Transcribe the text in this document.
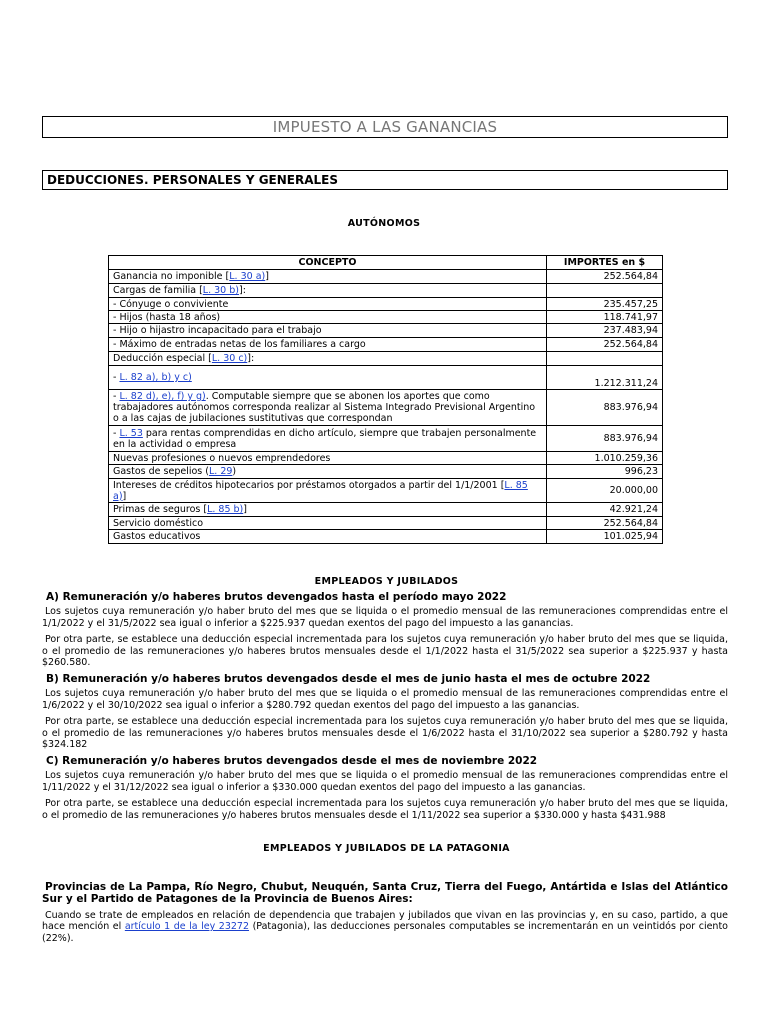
IMPUESTO A LAS GANANCIAS
DEDUCCIONES. PERSONALES Y GENERALES
AUTÓNOMOS
CONCEPTO	IMPORTES en $
Ganancia no imponible [L. 30 a)]	252.564,84
Cargas de familia [L. 30 b)]:	
- Cónyuge o conviviente	235.457,25
- Hijos (hasta 18 años)	118.741,97
- Hijo o hijastro incapacitado para el trabajo	237.483,94
- Máximo de entradas netas de los familiares a cargo	252.564,84
Deducción especial [L. 30 c)]:	
- L. 82 a), b) y c)	1.212.311,24
- L. 82 d), e), f) y g). Computable siempre que se abonen los aportes que como trabajadores autónomos corresponda realizar al Sistema Integrado Previsional Argentino o a las cajas de jubilaciones sustitutivas que correspondan	883.976,94
- L. 53 para rentas comprendidas en dicho artículo, siempre que trabajen personalmente en la actividad o empresa	883.976,94
Nuevas profesiones o nuevos emprendedores	1.010.259,36
Gastos de sepelios (L. 29)	996,23
Intereses de créditos hipotecarios por préstamos otorgados a partir del 1/1/2001 [L. 85 a)]	20.000,00
Primas de seguros [L. 85 b)]	42.921,24
Servicio doméstico	252.564,84
Gastos educativos	101.025,94

EMPLEADOS Y JUBILADOS

A) Remuneración y/o haberes brutos devengados hasta el período mayo 2022

Los sujetos cuya remuneración y/o haber bruto del mes que se liquida o el promedio mensual de las remuneraciones comprendidas entre el 1/1/2022 y el 31/5/2022 sea igual o inferior a $225.937 quedan exentos del pago del impuesto a las ganancias.

Por otra parte, se establece una deducción especial incrementada para los sujetos cuya remuneración y/o haber bruto del mes que se liquida, o el promedio de las remuneraciones y/o haberes brutos mensuales desde el 1/1/2022 hasta el 31/5/2022 sea superior a $225.937 y hasta $260.580.

B) Remuneración y/o haberes brutos devengados desde el mes de junio hasta el mes de octubre 2022

Los sujetos cuya remuneración y/o haber bruto del mes que se liquida o el promedio mensual de las remuneraciones comprendidas entre el 1/6/2022 y el 30/10/2022 sea igual o inferior a $280.792 quedan exentos del pago del impuesto a las ganancias.

Por otra parte, se establece una deducción especial incrementada para los sujetos cuya remuneración y/o haber bruto del mes que se liquida, o el promedio de las remuneraciones y/o haberes brutos mensuales desde el 1/6/2022 hasta el 31/10/2022 sea superior a $280.792 y hasta $324.182

C) Remuneración y/o haberes brutos devengados desde el mes de noviembre 2022

Los sujetos cuya remuneración y/o haber bruto del mes que se liquida o el promedio mensual de las remuneraciones comprendidas entre el 1/11/2022 y el 31/12/2022 sea igual o inferior a $330.000 quedan exentos del pago del impuesto a las ganancias.

Por otra parte, se establece una deducción especial incrementada para los sujetos cuya remuneración y/o haber bruto del mes que se liquida, o el promedio de las remuneraciones y/o haberes brutos mensuales desde el 1/11/2022 sea superior a $330.000 y hasta $431.988

EMPLEADOS Y JUBILADOS DE LA PATAGONIA

Provincias de La Pampa, Río Negro, Chubut, Neuquén, Santa Cruz, Tierra del Fuego, Antártida e Islas del Atlántico Sur y el Partido de Patagones de la Provincia de Buenos Aires:

Cuando se trate de empleados en relación de dependencia que trabajen y jubilados que vivan en las provincias y, en su caso, partido, a que hace mención el artículo 1 de la ley 23272 (Patagonia), las deducciones personales computables se incrementarán en un veintidós por ciento (22%).
